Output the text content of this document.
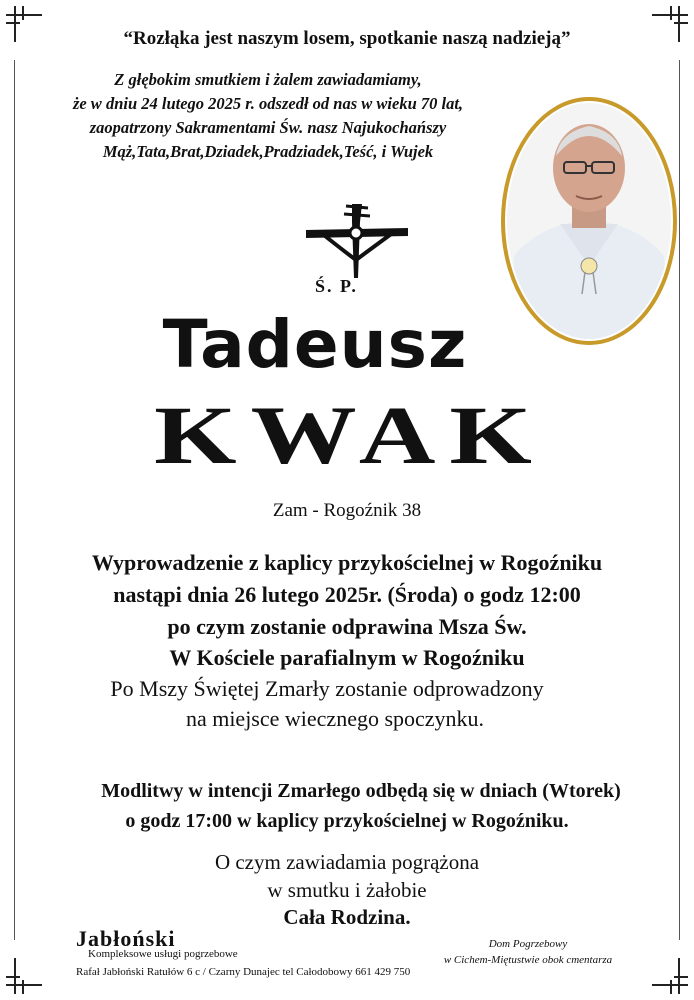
“Rozłąka jest naszym losem, spotkanie naszą nadzieją”
Z głębokim smutkiem i żalem zawiadamiamy,
że w dniu 24 lutego 2025 r. odszedł od nas w wieku 70 lat,
zaopatrzony Sakramentami Św. nasz Najukochańszy
Mąż,Tata,Brat,Dziadek,Pradziadek,Teść, i Wujek
Ś. P.
Tadeusz
KWAK
Zam - Rogoźnik 38
Wyprowadzenie z kaplicy przykościelnej w Rogoźniku
nastąpi dnia 26 lutego 2025r. (Środa) o godz 12:00
po czym zostanie odprawina Msza Św.
W Kościele parafialnym w Rogoźniku
Po Mszy Świętej Zmarły zostanie odprowadzony
na miejsce wiecznego spoczynku.
Modlitwy w intencji Zmarłego odbędą się w dniach (Wtorek)
o godz 17:00 w kaplicy przykościelnej w Rogoźniku.
O czym zawiadamia pogrążona
w smutku i żałobie
Cała Rodzina.
Jabłoński
Kompleksowe usługi pogrzebowe
Rafał Jabłoński Ratułów 6 c / Czarny Dunajec tel Całodobowy 661 429 750
Dom Pogrzebowy
w Cichem-Miętustwie obok cmentarza
